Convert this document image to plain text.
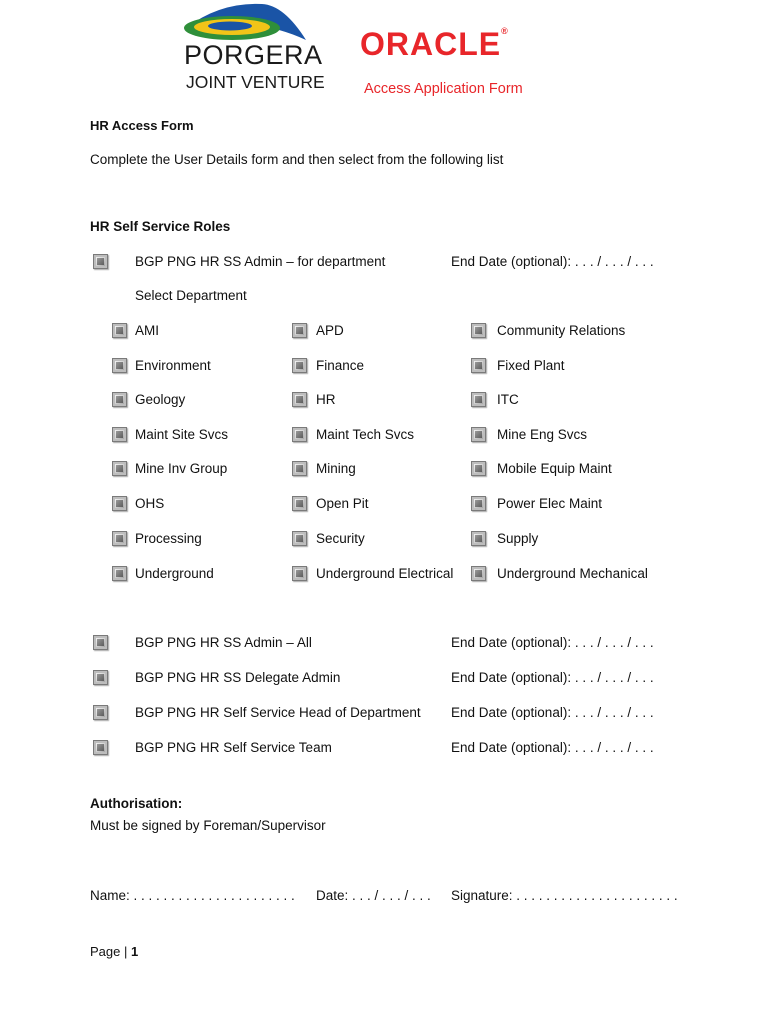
PORGERA
JOINT VENTURE
ORACLE®
Access Application Form
HR Access Form
Complete the User Details form and then select from the following list
HR Self Service Roles
BGP PNG HR SS Admin – for department	End Date (optional): . . . / . . . / . . .
Select Department
AMI	APD	Community Relations
Environment	Finance	Fixed Plant
Geology	HR	ITC
Maint Site Svcs	Maint Tech Svcs	Mine Eng Svcs
Mine Inv Group	Mining	Mobile Equip Maint
OHS	Open Pit	Power Elec Maint
Processing	Security	Supply
Underground	Underground Electrical	Underground Mechanical
BGP PNG HR SS Admin – All	End Date (optional): . . . / . . . / . . .
BGP PNG HR SS Delegate Admin	End Date (optional): . . . / . . . / . . .
BGP PNG HR Self Service Head of Department End Date (optional): . . . / . . . / . . .
BGP PNG HR Self Service Team	End Date (optional): . . . / . . . / . . .
Authorisation:
Must be signed by Foreman/Supervisor
Name: . . . . . . . . . . . . . . . . . . . . . . Date: . . . / . . . / . . . Signature: . . . . . . . . . . . . . . . . . . . . . .
Page | 1
